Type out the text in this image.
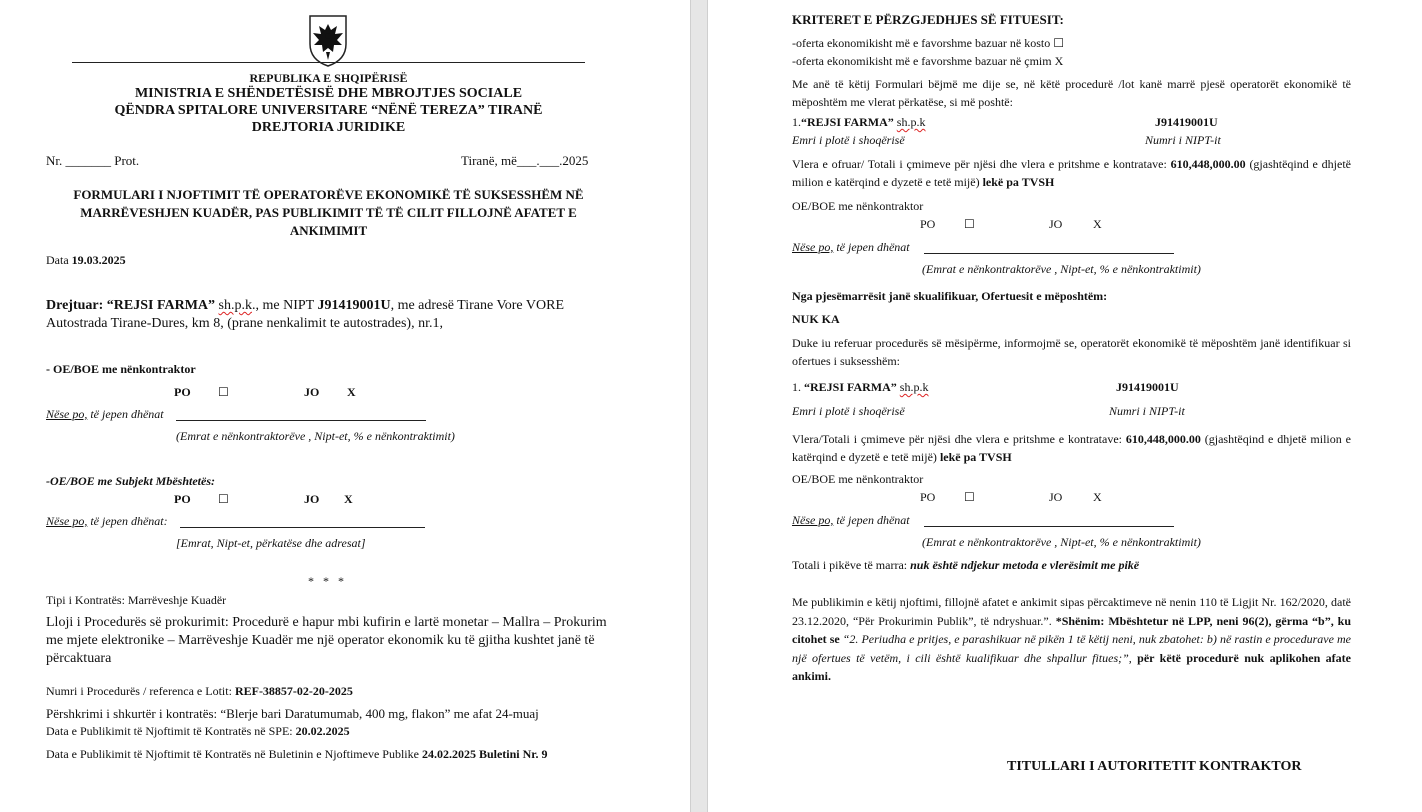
REPUBLIKA E SHQIPËRISË
MINISTRIA E SHËNDETËSISË DHE MBROJTJES SOCIALE
QËNDRA SPITALORE UNIVERSITARE “NËNË TEREZA” TIRANË
DREJTORIA JURIDIKE
Nr. _______ Prot.	Tiranë, më___.___.2025
FORMULARI I NJOFTIMIT TË OPERATORËVE EKONOMIKË TË SUKSESSHËM NË
MARRËVESHJEN KUADËR, PAS PUBLIKIMIT TË TË CILIT FILLOJNË AFATET E
ANKIMIMIT
Data 19.03.2025
Drejtuar: “REJSI FARMA” sh.p.k., me NIPT J91419001U, me adresë Tirane Vore VORE
Autostrada Tirane-Dures, km 8, (prane nenkalimit te autostrades), nr.1,
- OE/BOE me nënkontraktor
PO ☐	JO X
Nëse po, të jepen dhënat
(Emrat e nënkontraktorëve , Nipt-et, % e nënkontraktimit)
-OE/BOE me Subjekt Mbështetës:
PO ☐	JO X
Nëse po, të jepen dhënat:
[Emrat, Nipt-et, përkatëse dhe adresat]
* * *
Tipi i Kontratës: Marrëveshje Kuadër
Lloji i Procedurës së prokurimit: Procedurë e hapur mbi kufirin e lartë monetar – Mallra – Prokurim me mjete elektronike – Marrëveshje Kuadër me një operator ekonomik ku të gjitha kushtet janë të përcaktuara
Numri i Procedurës / referenca e Lotit: REF-38857-02-20-2025
Përshkrimi i shkurtër i kontratës: “Blerje bari Daratumumab, 400 mg, flakon” me afat 24-muaj
Data e Publikimit të Njoftimit të Kontratës në SPE: 20.02.2025
Data e Publikimit të Njoftimit të Kontratës në Buletinin e Njoftimeve Publike 24.02.2025 Buletini Nr. 9
KRITERET E PËRZGJEDHJES SË FITUESIT:
-oferta ekonomikisht më e favorshme bazuar në kosto ☐
-oferta ekonomikisht më e favorshme bazuar në çmim X
Me anë të këtij Formulari bëjmë me dije se, në këtë procedurë /lot kanë marrë pjesë operatorët ekonomikë të mëposhtëm me vlerat përkatëse, si më poshtë:
1.“REJSI FARMA” sh.p.k	J91419001U
Emri i plotë i shoqërisë	Numri i NIPT-it
Vlera e ofruar/ Totali i çmimeve për njësi dhe vlera e pritshme e kontratave: 610,448,000.00 (gjashtëqind e dhjetë milion e katërqind e dyzetë e tetë mijë) lekë pa TVSH
OE/BOE me nënkontraktor
PO ☐	JO	X
Nëse po, të jepen dhënat
(Emrat e nënkontraktorëve , Nipt-et, % e nënkontraktimit)
Nga pjesëmarrësit janë skualifikuar, Ofertuesit e mëposhtëm:
NUK KA
Duke iu referuar procedurës së mësipërme, informojmë se, operatorët ekonomikë të mëposhtëm janë identifikuar si ofertues i suksesshëm:
1. “REJSI FARMA” sh.p.k	J91419001U
Emri i plotë i shoqërisë	Numri i NIPT-it
Vlera/Totali i çmimeve për njësi dhe vlera e pritshme e kontratave: 610,448,000.00 (gjashtëqind e dhjetë milion e katërqind e dyzetë e tetë mijë) lekë pa TVSH
OE/BOE me nënkontraktor
PO ☐	JO	X
Nëse po, të jepen dhënat
(Emrat e nënkontraktorëve , Nipt-et, % e nënkontraktimit)
Totali i pikëve të marra: nuk është ndjekur metoda e vlerësimit me pikë
Me publikimin e këtij njoftimi, fillojnë afatet e ankimit sipas përcaktimeve në nenin 110 të Ligjit Nr. 162/2020, datë 23.12.2020, “Për Prokurimin Publik”, të ndryshuar.”. *Shënim: Mbështetur në LPP, neni 96(2), gërma “b”, ku citohet se “2. Periudha e pritjes, e parashikuar në pikën 1 të këtij neni, nuk zbatohet: b) në rastin e procedurave me një ofertues të vetëm, i cili është kualifikuar dhe shpallur fitues;”, për këtë procedurë nuk aplikohen afate ankimi.
TITULLARI I AUTORITETIT KONTRAKTOR
